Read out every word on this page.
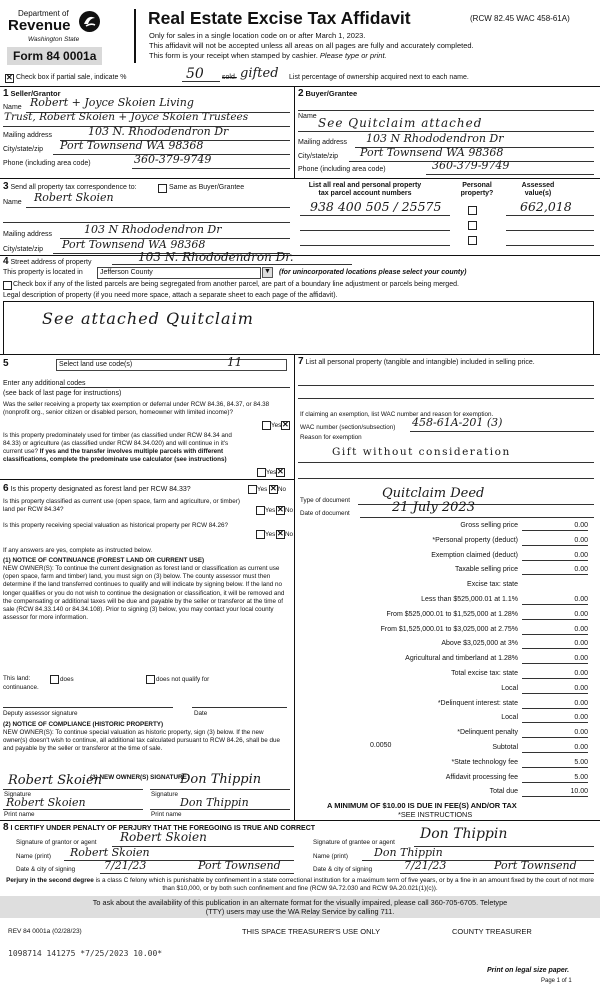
Department of
Revenue
Washington State
Form 84 0001a
Real Estate Excise Tax Affidavit	(RCW 82.45 WAC 458-61A)
Only for sales in a single location code on or after March 1, 2023.
This affidavit will not be accepted unless all areas on all pages are fully and accurately completed.
This form is your receipt when stamped by cashier. Please type or print.
✕
Check box if partial sale, indicate %	50	sold. gifted List percentage of ownership acquired next to each name.
1 Seller/Grantor
Name Robert + Joyce Skoien Living
Trust, Robert Skoien + Joyce Skoien Trustees
Mailing address	103 N. Rhododendron Dr
City/state/zip Port Townsend WA 98368
Phone (including area code)	360-379-9749
2 Buyer/Grantee
Name See Quitclaim attached
Mailing address 103 N Rhododendron Dr
City/state/zip Port Townsend WA 98368
Phone (including area code)	360-379-9749
3 Send all property tax correspondence to:	Same as Buyer/Grantee
Name Robert Skoien
Mailing address	103 N Rhododendron Dr
City/state/zip Port Townsend WA 98368
List all real and personal property tax parcel account numbers
Personal property?
Assessed value(s)
938 400 505 / 25575	662,018
4 Street address of property	103 N. Rhododendron Dr.
This property is located in	Jefferson County	▼ (for unincorporated locations please select your county)
Check box if any of the listed parcels are being segregated from another parcel, are part of a boundary line adjustment or parcels being merged.
Legal description of property (if you need more space, attach a separate sheet to each page of the affidavit).
See attached Quitclaim
5	Select land use code(s)	11
Enter any additional codes
(see back of last page for instructions)
Was the seller receiving a property tax exemption or deferral under RCW 84.36, 84.37, or 84.38 (nonprofit org., senior citizen or disabled person, homeowner with limited income)?
Yes
✕
Is this property predominately used for timber (as classified under RCW 84.34 and 84.33) or agriculture (as classified under RCW 84.34.020) and will continue in it's current use? If yes and the transfer involves multiple parcels with different classifications, complete the predominate use calculator (see instructions)
Yes
✕
6 Is this property designated as forest land per RCW 84.33?	Yes ✕ No
Is this property classified as current use (open space, farm and agriculture, or timber) land per RCW 84.34?	Yes ✕ No
Is this property receiving special valuation as historical property per RCW 84.26?
Yes ✕ No
If any answers are yes, complete as instructed below.
(1) NOTICE OF CONTINUANCE (FOREST LAND OR CURRENT USE)
NEW OWNER(S): To continue the current designation as forest land or classification as current use (open space, farm and timber) land, you must sign on (3) below. The county assessor must then determine if the land transferred continues to qualify and will indicate by signing below. If the land no longer qualifies or you do not wish to continue the designation or classification, it will be removed and the compensating or additional taxes will be due and payable by the seller or transferor at the time of sale (RCW 84.33.140 or 84.34.108). Prior to signing (3) below, you may contact your local county assessor for more information.
This land:	does	does not qualify for
continuance.
Deputy assessor signature	Date
(2) NOTICE OF COMPLIANCE (HISTORIC PROPERTY)
NEW OWNER(S): To continue special valuation as historic property, sign (3) below. If the new owner(s) doesn't wish to continue, all additional tax calculated pursuant to RCW 84.26, shall be due and payable by the seller or transferor at the time of sale.
(3) NEW OWNER(S) SIGNATURE
Robert Skoien	Don Thippin
Signature	Signature
Robert Skoien	Don Thippin
Print name	Print name
7 List all personal property (tangible and intangible) included in selling price.
If claiming an exemption, list WAC number and reason for exemption.
WAC number (section/subsection) 458-61A-201 (3)
Reason for exemption
Gift without consideration
Type of document Quitclaim Deed
Date of document	21 July 2023
Gross selling price	0.00
*Personal property (deduct)	0.00
Exemption claimed (deduct)	0.00
Taxable selling price	0.00
Excise tax: state
Less than $525,000.01 at 1.1%	0.00
From $525,000.01 to $1,525,000 at 1.28%	0.00
From $1,525,000.01 to $3,025,000 at 2.75%	0.00
Above $3,025,000 at 3%	0.00
Agricultural and timberland at 1.28%	0.00
Total excise tax: state	0.00
Local	0.00
*Delinquent interest: state	0.00
Local	0.00
*Delinquent penalty	0.00
Subtotal	0.00
*State technology fee	5.00
Affidavit processing fee	5.00
Total due	10.00
0.0050
A MINIMUM OF $10.00 IS DUE IN FEE(S) AND/OR TAX
*SEE INSTRUCTIONS
8 I CERTIFY UNDER PENALTY OF PERJURY THAT THE FOREGOING IS TRUE AND CORRECT
Signature of grantor or agent Robert Skoien
Name (print) Robert Skoien
Date & city of signing	7/21/23	Port Townsend
Signature of grantee or agent
Don Thippin
Name (print) Don Thippin
Date & city of signing	7/21/23	Port Townsend
Perjury in the second degree is a class C felony which is punishable by confinement in a state correctional institution for a maximum term of five years, or by a fine in an amount fixed by the court of not more than $10,000, or by both such confinement and fine (RCW 9A.72.030 and RCW 9A.20.021(1)(c)).
To ask about the availability of this publication in an alternate format for the visually impaired, please call 360-705-6705. Teletype
(TTY) users may use the WA Relay Service by calling 711.
REV 84 0001a (02/28/23)	THIS SPACE TREASURER'S USE ONLY	COUNTY TREASURER
1098714 141275 *7/25/2023 10.00*
Print on legal size paper.
Page 1 of 1
